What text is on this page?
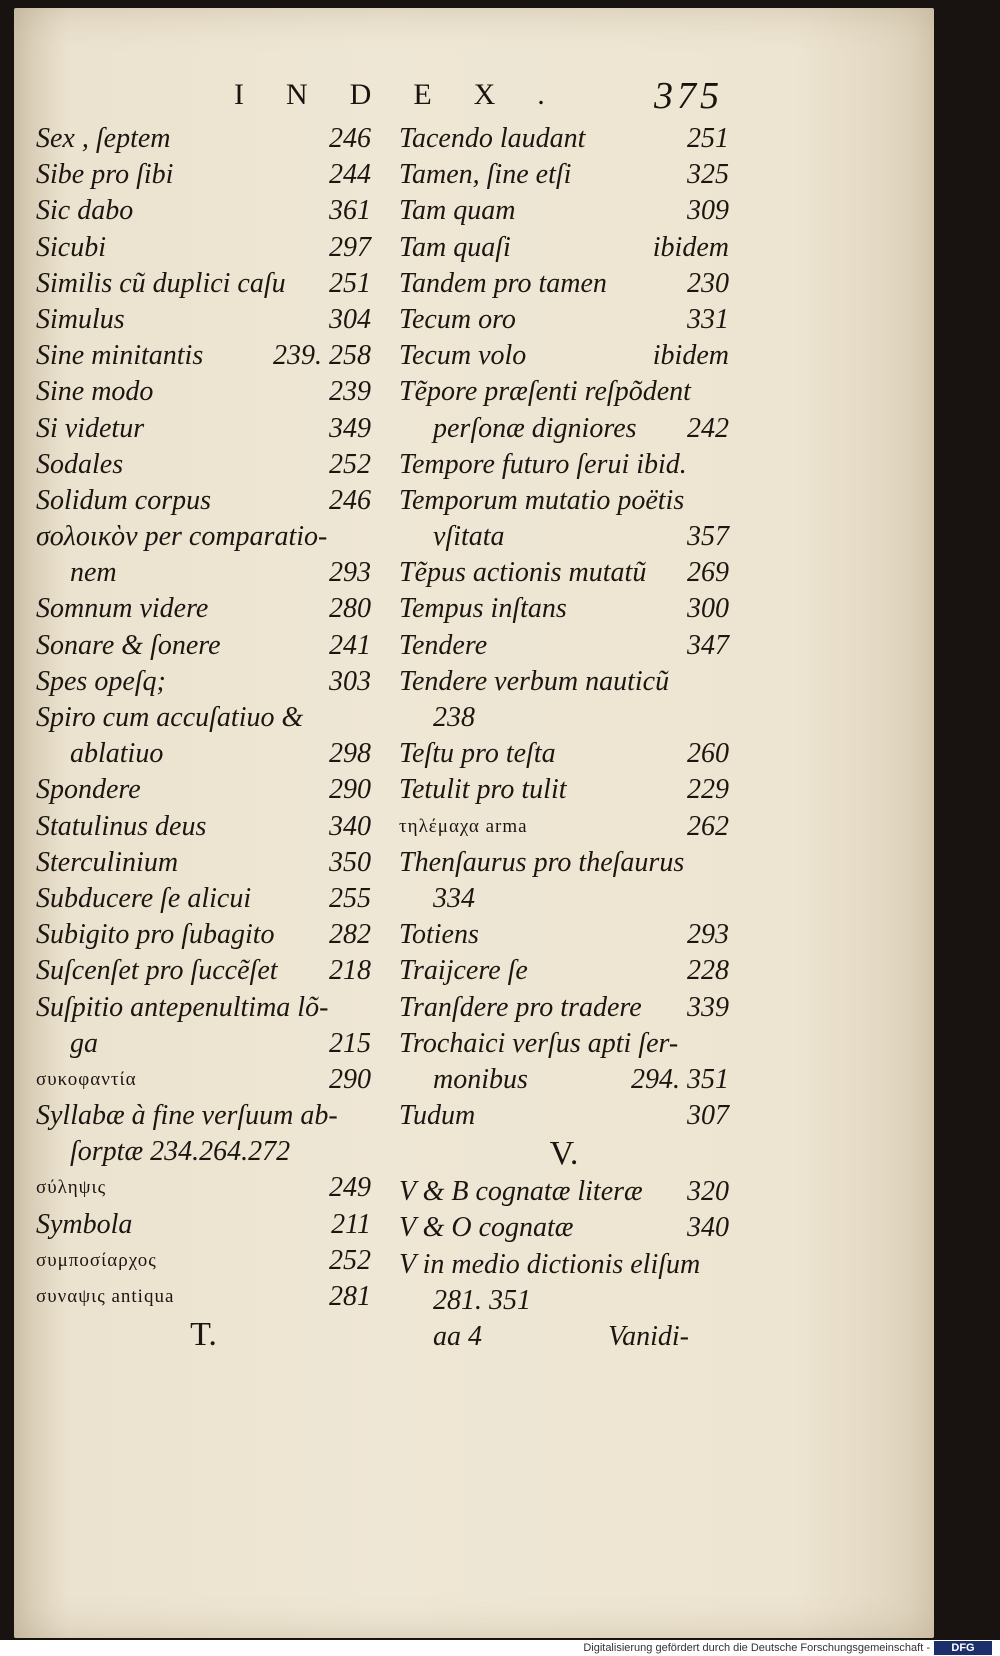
INDEX. 375
Sex , ſeptem	246
Sibe pro ſibi	244
Sic dabo	361
Sicubi	297
Similis cũ duplici caſu 251
Simulus	304
Sine minitantis 239. 258
Sine modo	239
Si videtur	349
Sodales	252
Solidum corpus	246
σολοικὸν per comparatio-
nem	293
Somnum videre	280
Sonare & ſonere	241
Spes opeſq;	303
Spiro cum accuſatiuo &
ablatiuo	298
Spondere	290
Statulinus deus	340
Sterculinium	350
Subducere ſe alicui	255
Subigito pro ſubagito 282
Suſcenſet pro ſuccẽſet 218
Suſpitio antepenultima lõ-
ga	215
συκοφαντία	290
Syllabæ à fine verſuum ab-
ſorptæ 234.264.272
σύληψις	249
Symbola	211
συμποσίαρχος	252
συναψις antiqua	281
T.
Tacendo laudant	251
Tamen, ſine etſi	325
Tam quam	309
Tam quaſi	ibidem
Tandem pro tamen	230
Tecum oro	331
Tecum volo	ibidem
Tẽpore præſenti reſpõdent
perſonæ digniores 242
Tempore futuro ſerui ibid.
Temporum mutatio poëtis
vſitata	357
Tẽpus actionis mutatũ 269
Tempus inſtans	300
Tendere	347
Tendere verbum nauticũ
238
Teſtu pro teſta	260
Tetulit pro tulit	229
τηλέμαχα arma	262
Thenſaurus pro theſaurus
334
Totiens	293
Traijcere ſe	228
Tranſdere pro tradere 339
Trochaici verſus apti ſer-
monibus	294. 351
Tudum	307
V.
V & B cognatæ literæ 320
V & O cognatæ	340
V in medio dictionis eliſum
281. 351
aa 4	Vanidi-
Digitalisierung gefördert durch die Deutsche Forschungsgemeinschaft -	DFG
